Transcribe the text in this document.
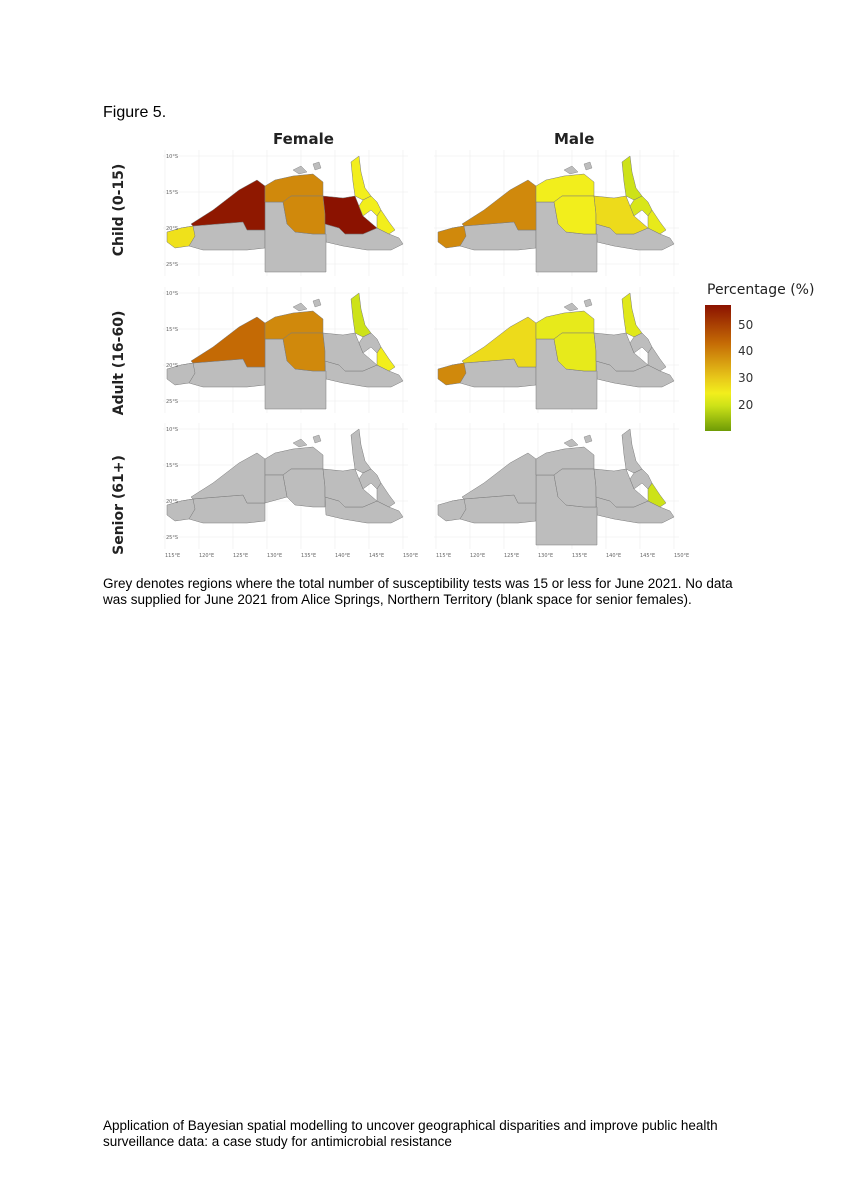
Figure 5.
Female	Male
Child (0-15)
Adult (16-60)
Senior (61+)
10°S
15°S
20°S
25°S
10°S
15°S
20°S
25°S
10°S
15°S
20°S
25°S
115°E	120°E	125°E	130°E	135°E	140°E	145°E	150°E	115°E	120°E	125°E	130°E	135°E	140°E	145°E	150°E
Percentage (%)
50
40
30
20
Grey denotes regions where the total number of susceptibility tests was 15 or less for June 2021. No data was supplied for June 2021 from Alice Springs, Northern Territory (blank space for senior females).
Application of Bayesian spatial modelling to uncover geographical disparities and improve public health surveillance data: a case study for antimicrobial resistance
